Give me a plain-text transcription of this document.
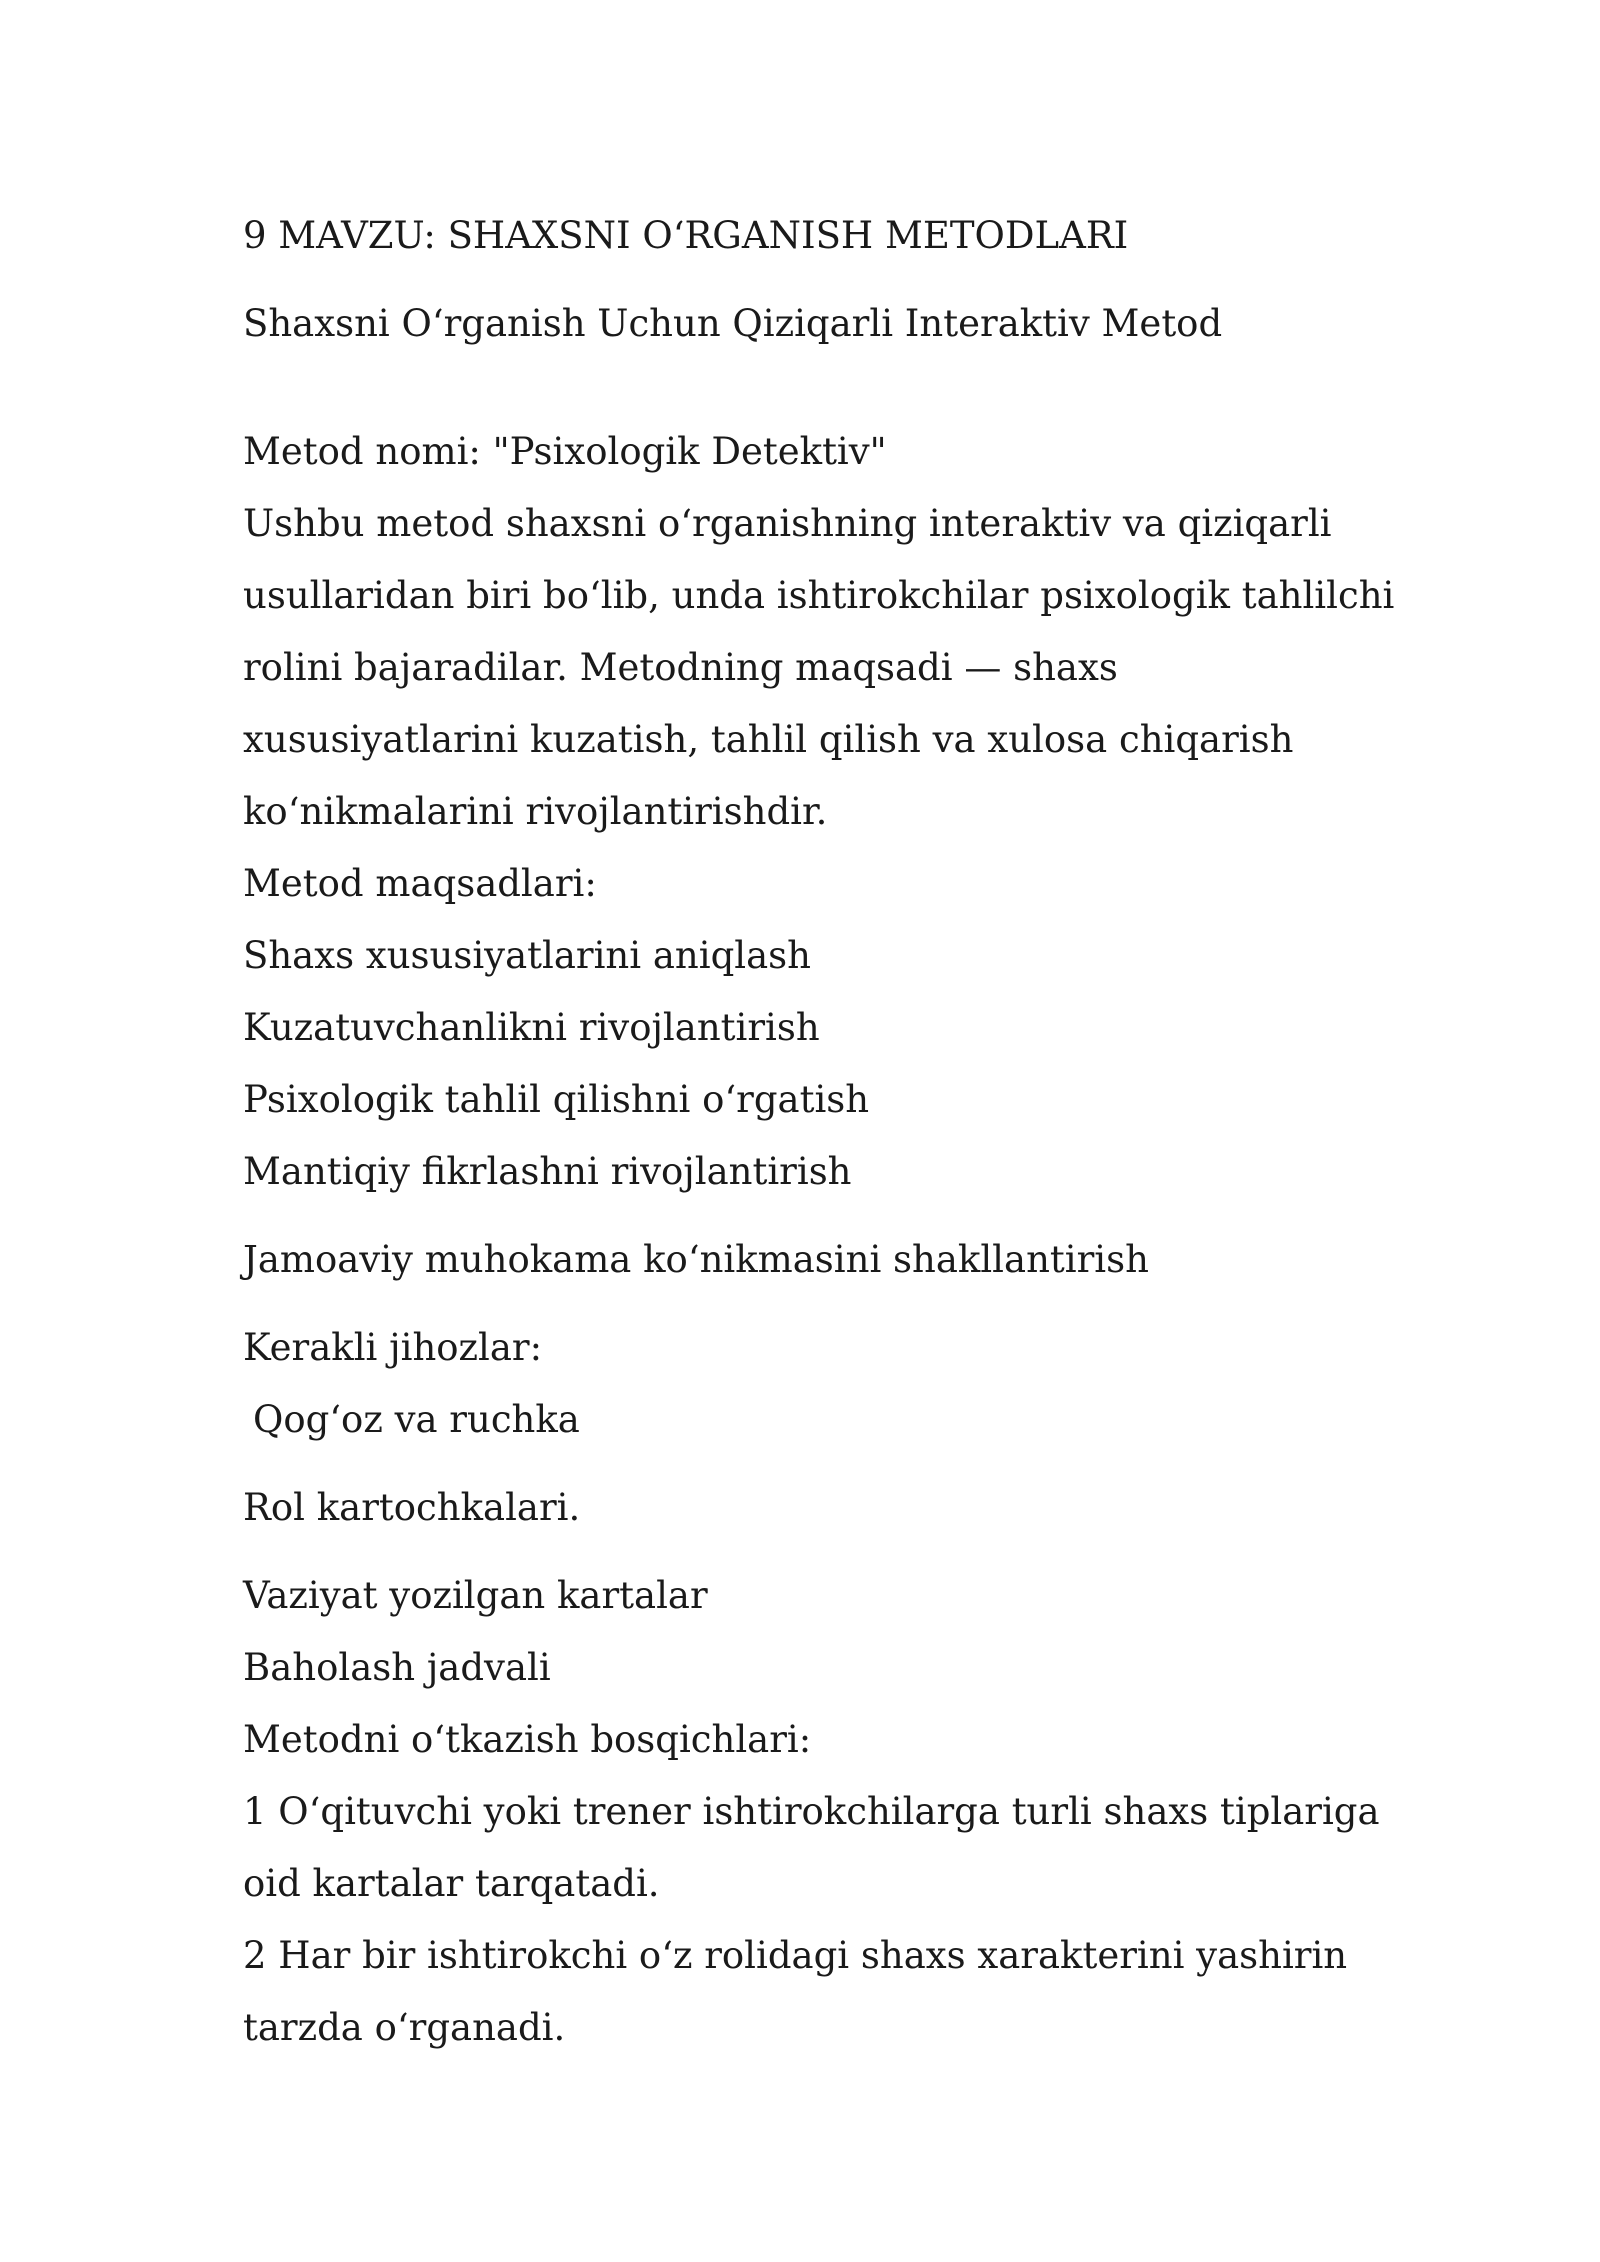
9 MAVZU: SHAXSNI O‘RGANISH METODLARI

Shaxsni O‘rganish Uchun Qiziqarli Interaktiv Metod

Metod nomi: "Psixologik Detektiv"

Ushbu metod shaxsni o‘rganishning interaktiv va qiziqarli

usullaridan biri bo‘lib, unda ishtirokchilar psixologik tahlilchi

rolini bajaradilar. Metodning maqsadi — shaxs

xususiyatlarini kuzatish, tahlil qilish va xulosa chiqarish

ko‘nikmalarini rivojlantirishdir.

Metod maqsadlari:

Shaxs xususiyatlarini aniqlash

Kuzatuvchanlikni rivojlantirish

Psixologik tahlil qilishni o‘rgatish

Mantiqiy fikrlashni rivojlantirish

Jamoaviy muhokama ko‘nikmasini shakllantirish

Kerakli jihozlar:

Qog‘oz va ruchka

Rol kartochkalari.

Vaziyat yozilgan kartalar

Baholash jadvali

Metodni o‘tkazish bosqichlari:

1 O‘qituvchi yoki trener ishtirokchilarga turli shaxs tiplariga

oid kartalar tarqatadi.

2 Har bir ishtirokchi o‘z rolidagi shaxs xarakterini yashirin

tarzda o‘rganadi.
